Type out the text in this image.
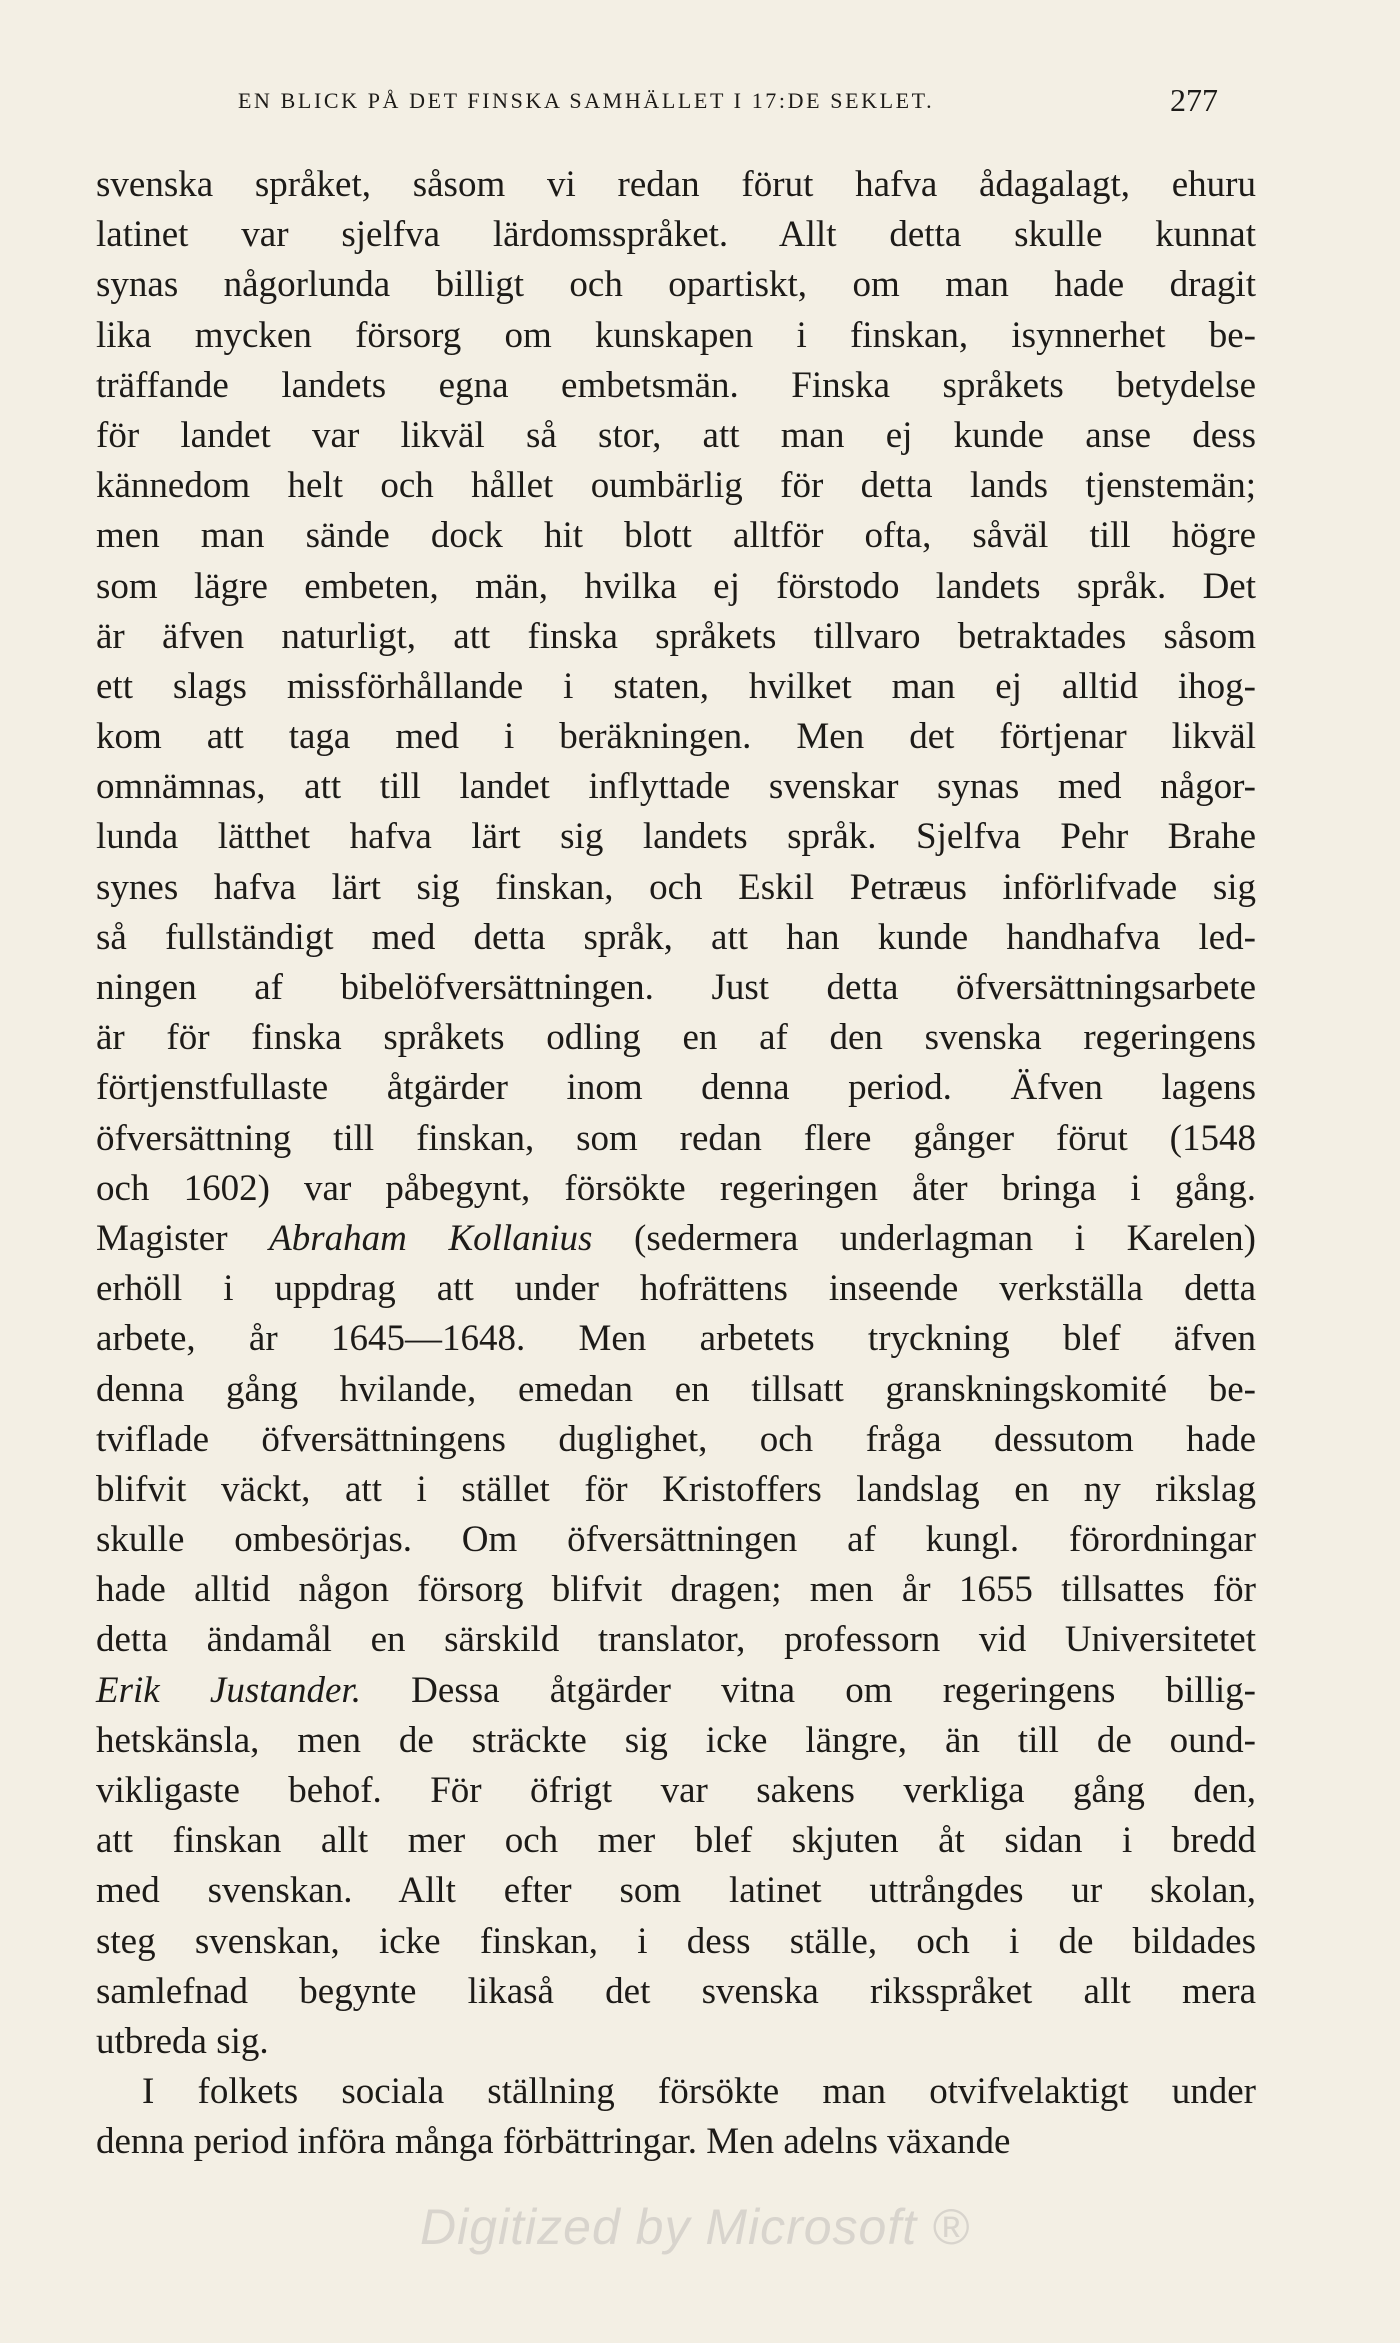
EN BLICK PÅ DET FINSKA SAMHÄLLET I 17:DE SEKLET.	277
svenska språket, såsom vi redan förut hafva ådagalagt, ehuru
latinet var sjelfva lärdomsspråket. Allt detta skulle kunnat
synas någorlunda billigt och opartiskt, om man hade dragit
lika mycken försorg om kunskapen i finskan, isynnerhet be-
träffande landets egna embetsmän. Finska språkets betydelse
för landet var likväl så stor, att man ej kunde anse dess
kännedom helt och hållet oumbärlig för detta lands tjenstemän;
men man sände dock hit blott alltför ofta, såväl till högre
som lägre embeten, män, hvilka ej förstodo landets språk. Det
är äfven naturligt, att finska språkets tillvaro betraktades såsom
ett slags missförhållande i staten, hvilket man ej alltid ihog-
kom att taga med i beräkningen. Men det förtjenar likväl
omnämnas, att till landet inflyttade svenskar synas med någor-
lunda lätthet hafva lärt sig landets språk. Sjelfva Pehr Brahe
synes hafva lärt sig finskan, och Eskil Petræus införlifvade sig
så fullständigt med detta språk, att han kunde handhafva led-
ningen af bibelöfversättningen. Just detta öfversättningsarbete
är för finska språkets odling en af den svenska regeringens
förtjenstfullaste åtgärder inom denna period. Äfven lagens
öfversättning till finskan, som redan flere gånger förut (1548
och 1602) var påbegynt, försökte regeringen åter bringa i gång.
Magister Abraham Kollanius (sedermera underlagman i Karelen)
erhöll i uppdrag att under hofrättens inseende verkställa detta
arbete, år 1645—1648. Men arbetets tryckning blef äfven
denna gång hvilande, emedan en tillsatt granskningskomité be-
tviflade öfversättningens duglighet, och fråga dessutom hade
blifvit väckt, att i stället för Kristoffers landslag en ny rikslag
skulle ombesörjas. Om öfversättningen af kungl. förordningar
hade alltid någon försorg blifvit dragen; men år 1655 tillsattes för
detta ändamål en särskild translator, professorn vid Universitetet
Erik Justander. Dessa åtgärder vitna om regeringens billig-
hetskänsla, men de sträckte sig icke längre, än till de ound-
vikligaste behof. För öfrigt var sakens verkliga gång den,
att finskan allt mer och mer blef skjuten åt sidan i bredd
med svenskan. Allt efter som latinet uttrångdes ur skolan,
steg svenskan, icke finskan, i dess ställe, och i de bildades
samlefnad begynte likaså det svenska riksspråket allt mera
utbreda sig.
I folkets sociala ställning försökte man otvifvelaktigt under
denna period införa många förbättringar. Men adelns växande
Digitized by Microsoft ®
